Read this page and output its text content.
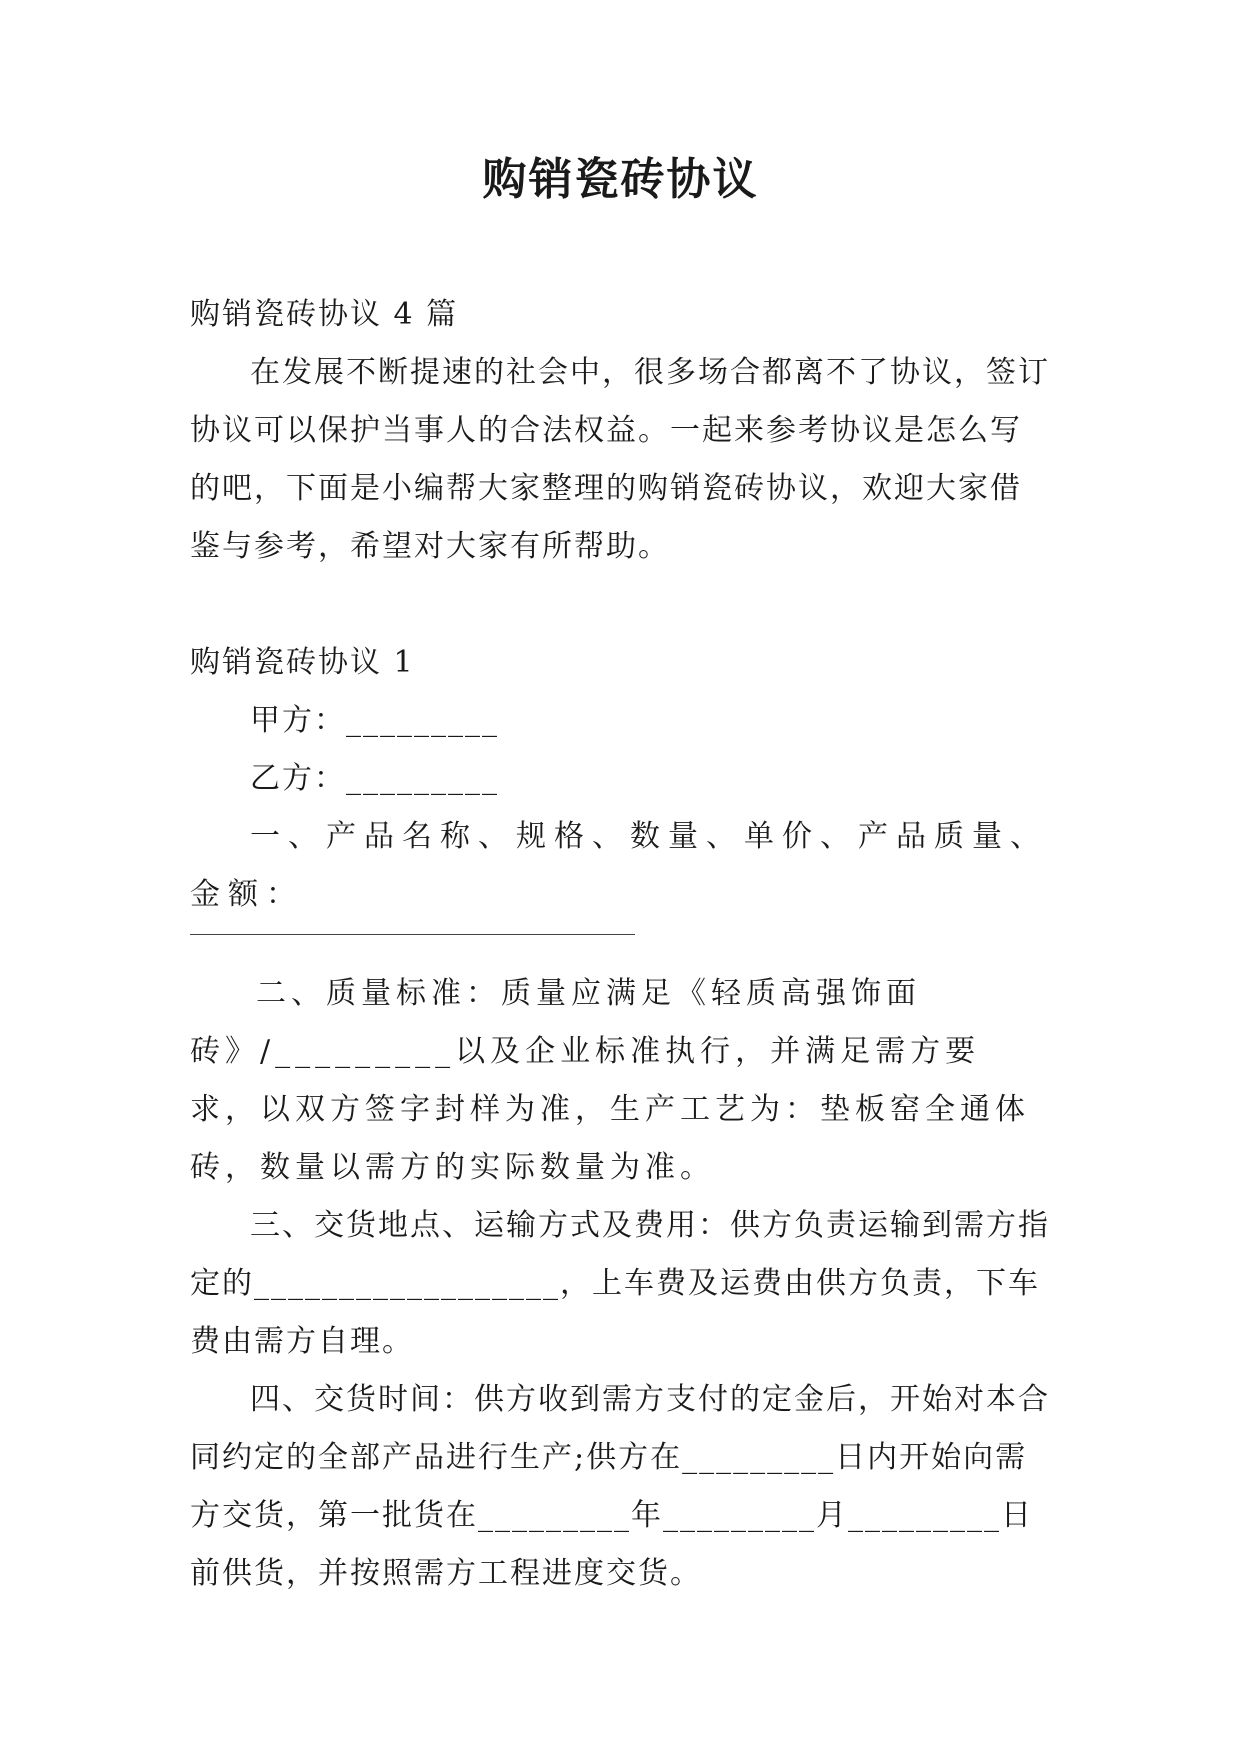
购销瓷砖协议

购销瓷砖协议 4 篇

在发展不断提速的社会中，很多场合都离不了协议，签订协议可以保护当事人的合法权益。一起来参考协议是怎么写的吧，下面是小编帮大家整理的购销瓷砖协议，欢迎大家借鉴与参考，希望对大家有所帮助。

购销瓷砖协议 1

甲方：_________

乙方：_________

一、产品名称、规格、数量、单价、产品质量、金额：

二、质量标准：质量应满足《轻质高强饰面砖》/_________以及企业标准执行，并满足需方要求，以双方签字封样为准，生产工艺为：垫板窑全通体砖，数量以需方的实际数量为准。

三、交货地点、运输方式及费用：供方负责运输到需方指定的__________________，上车费及运费由供方负责，下车费由需方自理。

四、交货时间：供方收到需方支付的定金后，开始对本合同约定的全部产品进行生产;供方在_________日内开始向需方交货，第一批货在_________年_________月_________日前供货，并按照需方工程进度交货。
